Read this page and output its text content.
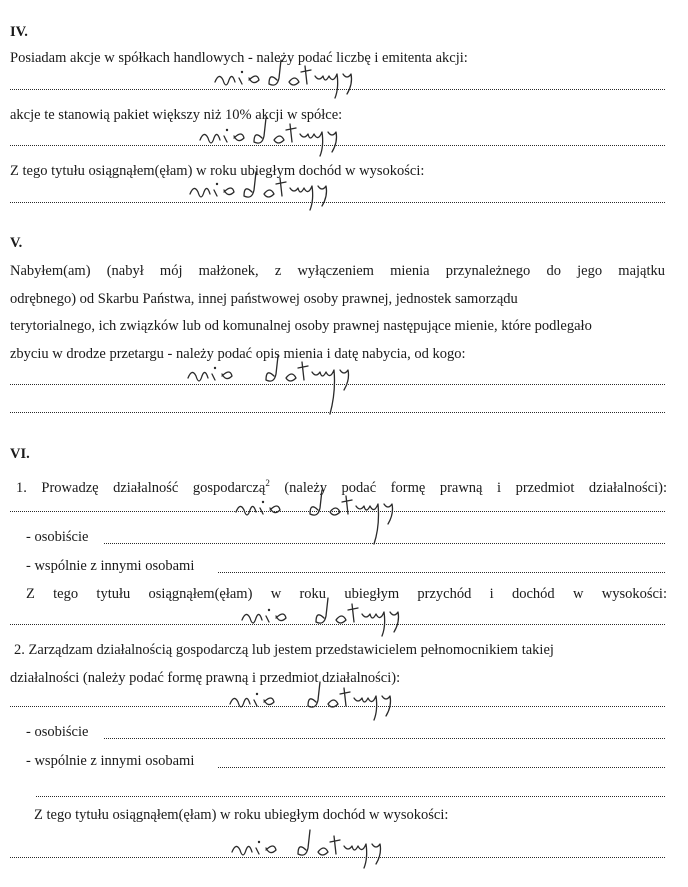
IV.
Posiadam akcje w spółkach handlowych - należy podać liczbę i emitenta akcji:
akcje te stanowią pakiet większy niż 10% akcji w spółce:
Z tego tytułu osiągnąłem(ęłam) w roku ubiegłym dochód w wysokości:
V.
Nabyłem(am) (nabył mój małżonek, z wyłączeniem mienia przynależnego do jego majątku
odrębnego) od Skarbu Państwa, innej państwowej osoby prawnej, jednostek samorządu
terytorialnego, ich związków lub od komunalnej osoby prawnej następujące mienie, które podlegało
zbyciu w drodze przetargu - należy podać opis mienia i datę nabycia, od kogo:
VI.
1. Prowadzę działalność gospodarczą$^2$ (należy podać formę prawną i przedmiot działalności):
- osobiście
- wspólnie z innymi osobami
Z tego tytułu osiągnąłem(ęłam) w roku ubiegłym przychód i dochód w wysokości:
2. Zarządzam działalnością gospodarczą lub jestem przedstawicielem pełnomocnikiem takiej
działalności (należy podać formę prawną i przedmiot działalności):
- osobiście
- wspólnie z innymi osobami
Z tego tytułu osiągnąłem(ęłam) w roku ubiegłym dochód w wysokości:
